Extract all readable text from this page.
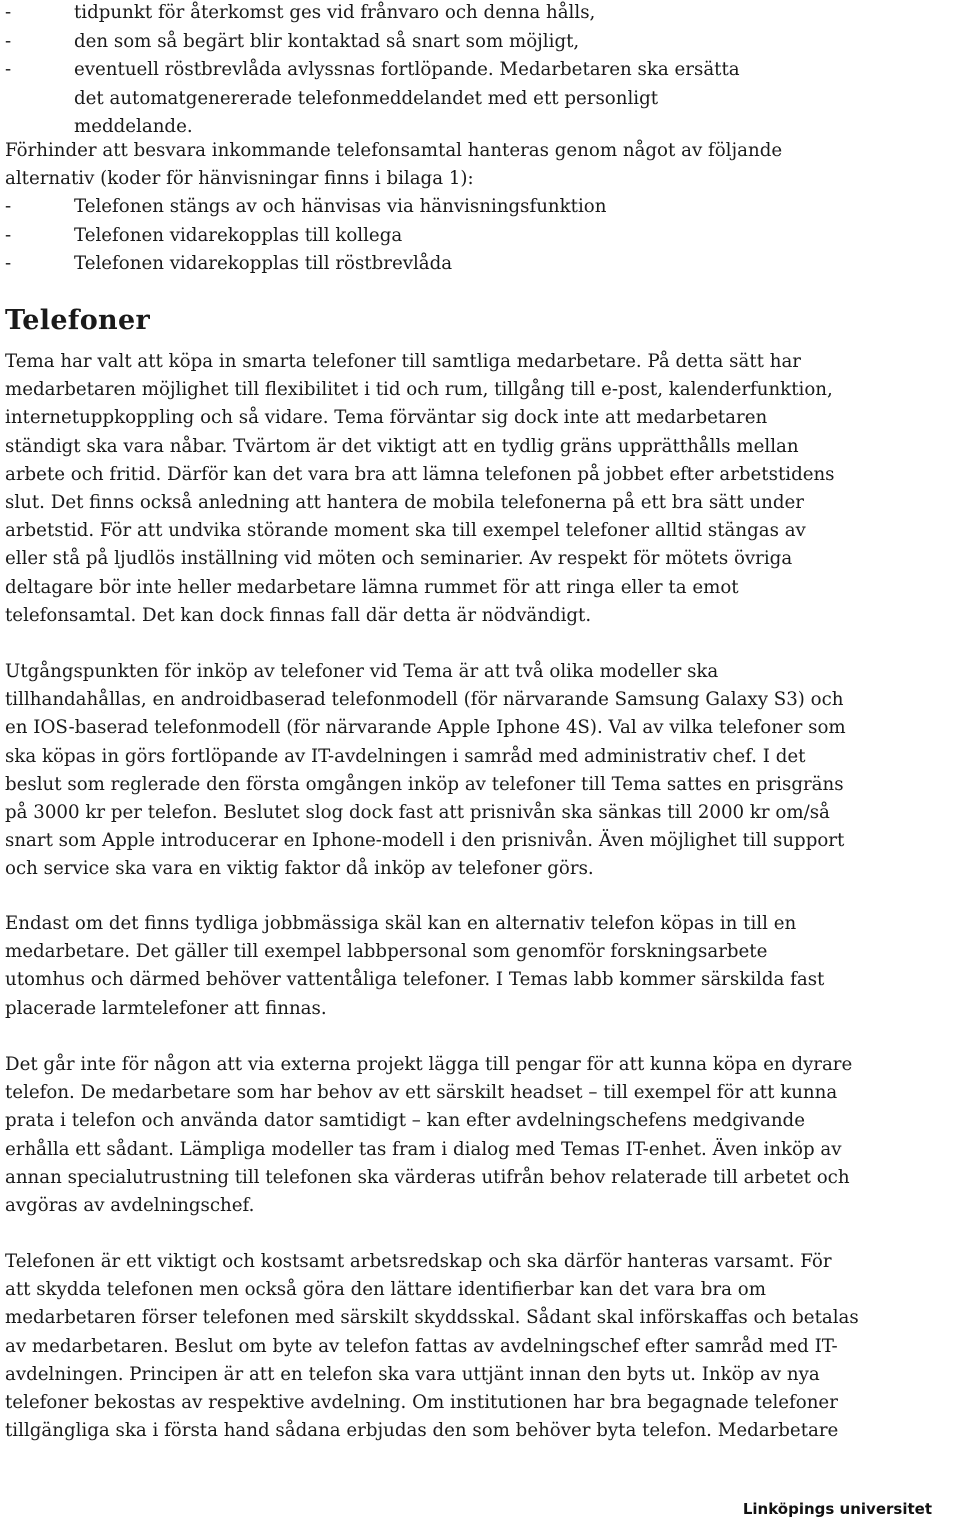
-	tidpunkt för återkomst ges vid frånvaro och denna hålls,
-	den som så begärt blir kontaktad så snart som möjligt,
-	eventuell röstbrevlåda avlyssnas fortlöpande. Medarbetaren ska ersätta det automatgenererade telefonmeddelandet med ett personligt meddelande.

Förhinder att besvara inkommande telefonsamtal hanteras genom något av följande alternativ (koder för hänvisningar finns i bilaga 1):

-	Telefonen stängs av och hänvisas via hänvisningsfunktion
-	Telefonen vidarekopplas till kollega
-	Telefonen vidarekopplas till röstbrevlåda
Telefoner

Tema har valt att köpa in smarta telefoner till samtliga medarbetare. På detta sätt har medarbetaren möjlighet till flexibilitet i tid och rum, tillgång till e-post, kalenderfunktion, internetuppkoppling och så vidare. Tema förväntar sig dock inte att medarbetaren ständigt ska vara nåbar. Tvärtom är det viktigt att en tydlig gräns upprätthålls mellan arbete och fritid. Därför kan det vara bra att lämna telefonen på jobbet efter arbetstidens slut. Det finns också anledning att hantera de mobila telefonerna på ett bra sätt under arbetstid. För att undvika störande moment ska till exempel telefoner alltid stängas av eller stå på ljudlös inställning vid möten och seminarier. Av respekt för mötets övriga deltagare bör inte heller medarbetare lämna rummet för att ringa eller ta emot telefonsamtal. Det kan dock finnas fall där detta är nödvändigt.

Utgångspunkten för inköp av telefoner vid Tema är att två olika modeller ska tillhandahållas, en androidbaserad telefonmodell (för närvarande Samsung Galaxy S3) och en IOS-baserad telefonmodell (för närvarande Apple Iphone 4S). Val av vilka telefoner som ska köpas in görs fortlöpande av IT-avdelningen i samråd med administrativ chef. I det beslut som reglerade den första omgången inköp av telefoner till Tema sattes en prisgräns på 3000 kr per telefon. Beslutet slog dock fast att prisnivån ska sänkas till 2000 kr om/så snart som Apple introducerar en Iphone-modell i den prisnivån. Även möjlighet till support och service ska vara en viktig faktor då inköp av telefoner görs.

Endast om det finns tydliga jobbmässiga skäl kan en alternativ telefon köpas in till en medarbetare. Det gäller till exempel labbpersonal som genomför forskningsarbete utomhus och därmed behöver vattentåliga telefoner. I Temas labb kommer särskilda fast placerade larmtelefoner att finnas.

Det går inte för någon att via externa projekt lägga till pengar för att kunna köpa en dyrare telefon. De medarbetare som har behov av ett särskilt headset – till exempel för att kunna prata i telefon och använda dator samtidigt – kan efter avdelningschefens medgivande erhålla ett sådant. Lämpliga modeller tas fram i dialog med Temas IT-enhet. Även inköp av annan specialutrustning till telefonen ska värderas utifrån behov relaterade till arbetet och avgöras av avdelningschef.

Telefonen är ett viktigt och kostsamt arbetsredskap och ska därför hanteras varsamt. För att skydda telefonen men också göra den lättare identifierbar kan det vara bra om medarbetaren förser telefonen med särskilt skyddsskal. Sådant skal införskaffas och betalas av medarbetaren. Beslut om byte av telefon fattas av avdelningschef efter samråd med IT-avdelningen. Principen är att en telefon ska vara uttjänt innan den byts ut. Inköp av nya telefoner bekostas av respektive avdelning. Om institutionen har bra begagnade telefoner tillgängliga ska i första hand sådana erbjudas den som behöver byta telefon. Medarbetare

Linköpings universitet
